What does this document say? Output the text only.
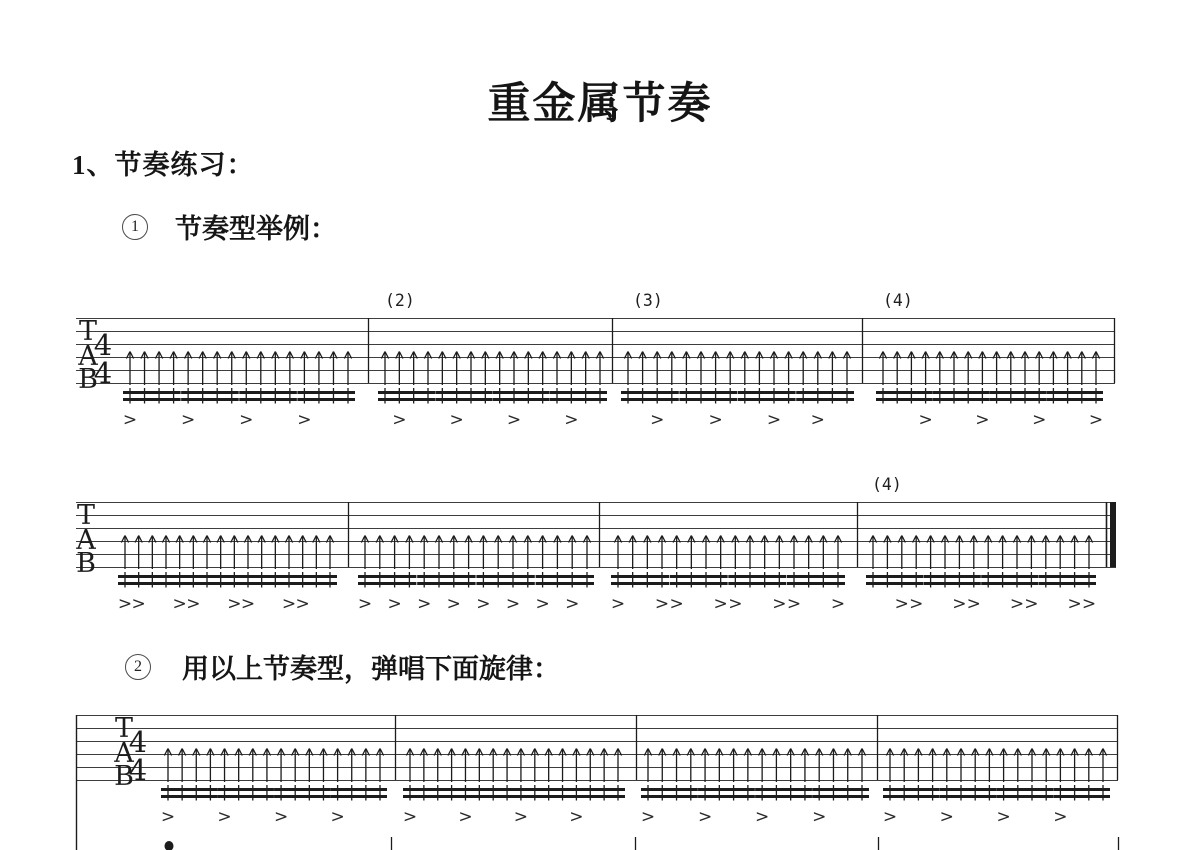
重金属节奏
1、节奏练习：
1 节奏型举例：
2 用以上节奏型，弹唱下面旋律：
T
A
B
4
4
(2)	(3)	(4)
>	>	>	>	>	>	>	>	>	>	> >	>	>	>	>
T
A
B
(4)
> > > > > > > >	> > > > > > > > > > > > > > > >	> > > > > > > >
T
A
B
4
4
> > > >	> > > >	>	>	>	>	>	>	>	>
